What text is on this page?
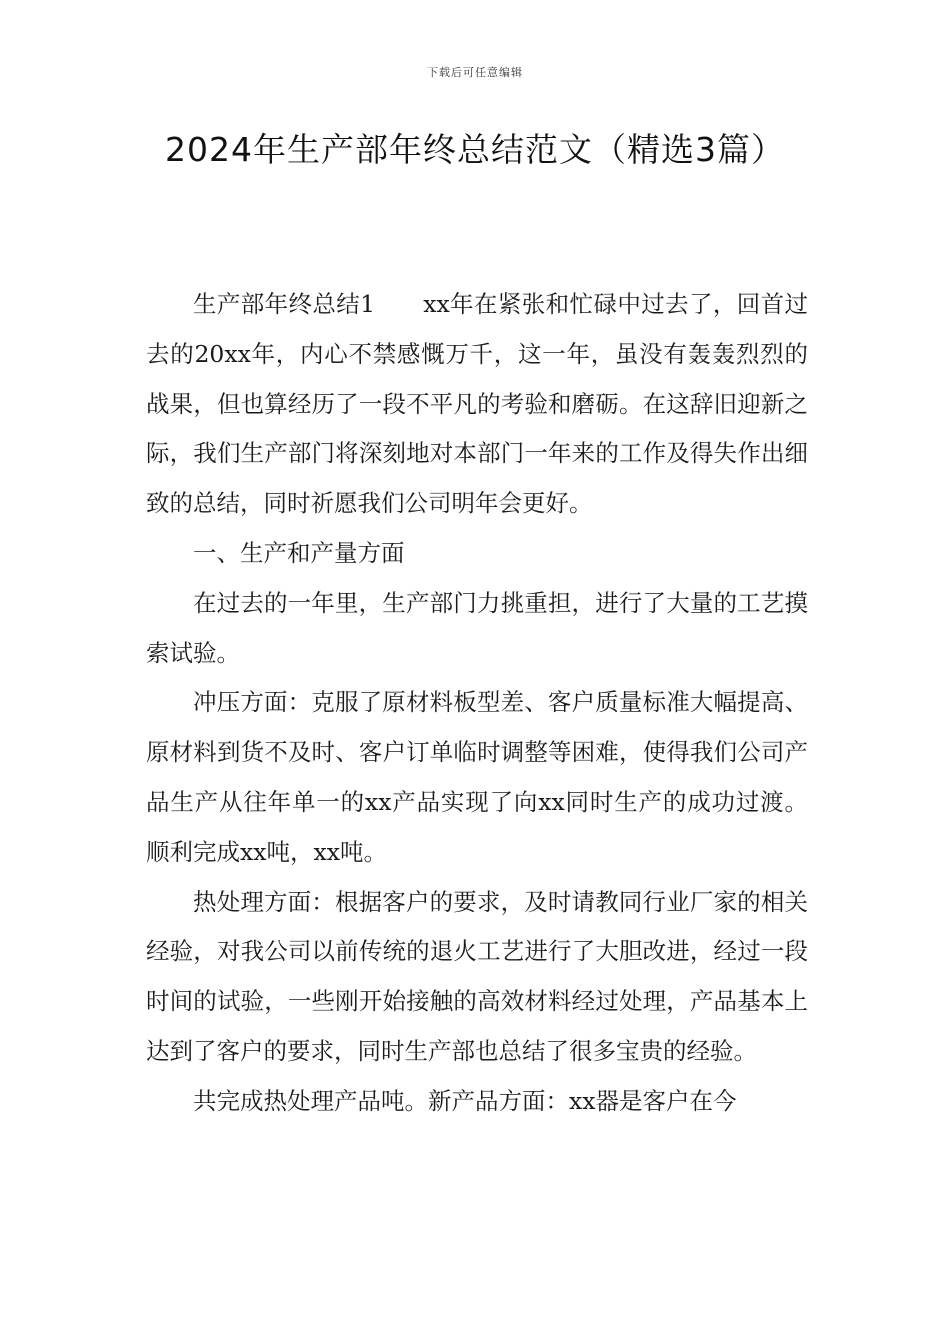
下载后可任意编辑
2024年生产部年终总结范文（精选3篇）

生产部年终总结1　　xx年在紧张和忙碌中过去了，回首过去的20xx年，内心不禁感慨万千，这一年，虽没有轰轰烈烈的战果，但也算经历了一段不平凡的考验和磨砺。在这辞旧迎新之际，我们生产部门将深刻地对本部门一年来的工作及得失作出细致的总结，同时祈愿我们公司明年会更好。

一、生产和产量方面

在过去的一年里，生产部门力挑重担，进行了大量的工艺摸索试验。

冲压方面：克服了原材料板型差、客户质量标准大幅提高、原材料到货不及时、客户订单临时调整等困难，使得我们公司产品生产从往年单一的xx产品实现了向xx同时生产的成功过渡。顺利完成xx吨，xx吨。

热处理方面：根据客户的要求，及时请教同行业厂家的相关经验，对我公司以前传统的退火工艺进行了大胆改进，经过一段时间的试验，一些刚开始接触的高效材料经过处理，产品基本上达到了客户的要求，同时生产部也总结了很多宝贵的经验。

共完成热处理产品吨。新产品方面：xx器是客户在今
